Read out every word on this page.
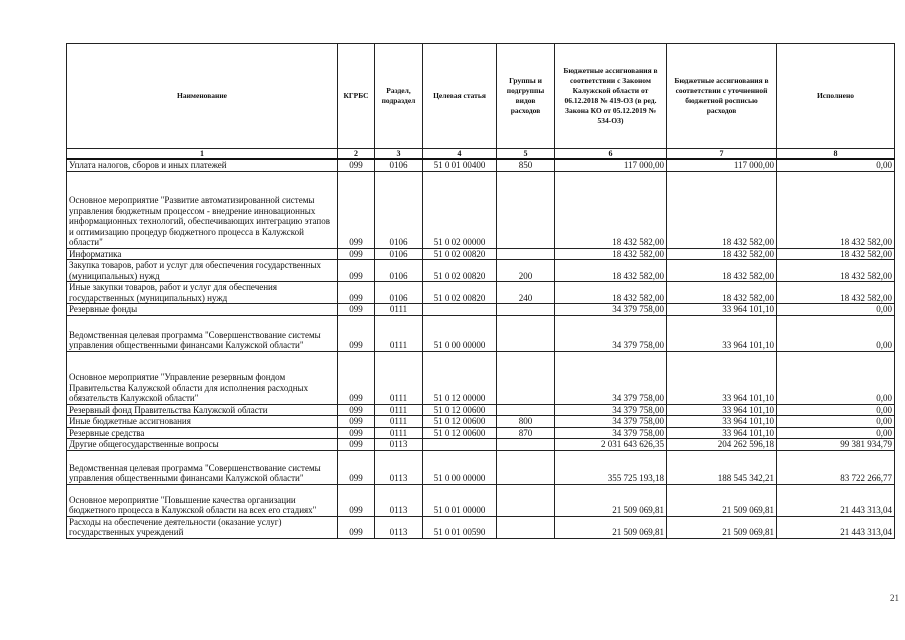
Наименование	КГРБС	Раздел, подраздел	Целевая статья	Группы и подгруппы видов расходов	Бюджетные ассигнования в соответствии с Законом Калужской области от 06.12.2018 № 419-ОЗ (в ред. Закона КО от 05.12.2019 № 534-ОЗ)	Бюджетные ассигнования в соответствии с уточненной бюджетной росписью расходов	Исполнено
1	2	3	4	5	6	7	8
Уплата налогов, сборов и иных платежей	099	0106	51 0 01 00400	850	117 000,00	117 000,00	0,00
Основное мероприятие "Развитие автоматизированной системы управления бюджетным процессом - внедрение инновационных информационных технологий, обеспечивающих интеграцию этапов и оптимизацию процедур бюджетного процесса в Калужской области"	099	0106	51 0 02 00000		18 432 582,00	18 432 582,00	18 432 582,00
Информатика	099	0106	51 0 02 00820		18 432 582,00	18 432 582,00	18 432 582,00
Закупка товаров, работ и услуг для обеспечения государственных (муниципальных) нужд	099	0106	51 0 02 00820	200	18 432 582,00	18 432 582,00	18 432 582,00
Иные закупки товаров, работ и услуг для обеспечения государственных (муниципальных) нужд	099	0106	51 0 02 00820	240	18 432 582,00	18 432 582,00	18 432 582,00
Резервные фонды	099	0111			34 379 758,00	33 964 101,10	0,00
Ведомственная целевая программа "Совершенствование системы управления общественными финансами Калужской области"	099	0111	51 0 00 00000		34 379 758,00	33 964 101,10	0,00
Основное мероприятие "Управление резервным фондом Правительства Калужской области для исполнения расходных обязательств Калужской области"	099	0111	51 0 12 00000		34 379 758,00	33 964 101,10	0,00
Резервный фонд Правительства Калужской области	099	0111	51 0 12 00600		34 379 758,00	33 964 101,10	0,00
Иные бюджетные ассигнования	099	0111	51 0 12 00600	800	34 379 758,00	33 964 101,10	0,00
Резервные средства	099	0111	51 0 12 00600	870	34 379 758,00	33 964 101,10	0,00
Другие общегосударственные вопросы	099	0113			2 031 643 626,35	204 262 596,18	99 381 934,79
Ведомственная целевая программа "Совершенствование системы управления общественными финансами Калужской области"	099	0113	51 0 00 00000		355 725 193,18	188 545 342,21	83 722 266,77
Основное мероприятие "Повышение качества организации бюджетного процесса в Калужской области на всех его стадиях"	099	0113	51 0 01 00000		21 509 069,81	21 509 069,81	21 443 313,04
Расходы на обеспечение деятельности (оказание услуг) государственных учреждений	099	0113	51 0 01 00590		21 509 069,81	21 509 069,81	21 443 313,04
21
